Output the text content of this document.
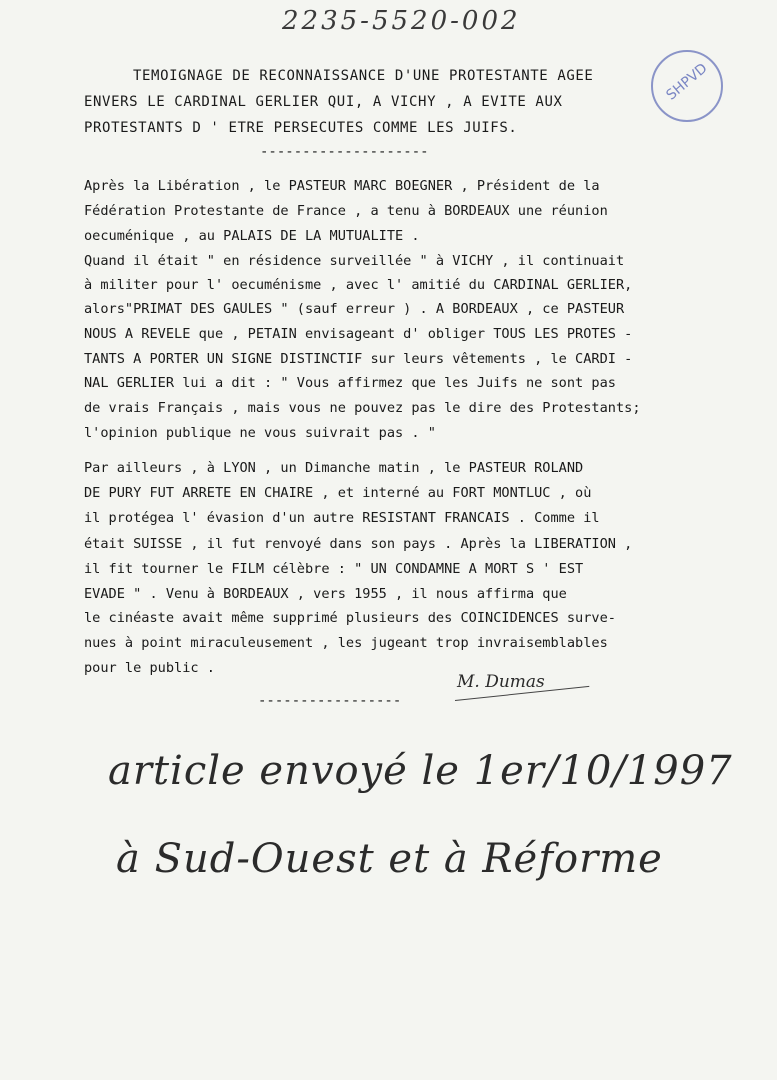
2235-5520-002
SHPVD
TEMOIGNAGE DE RECONNAISSANCE D'UNE PROTESTANTE AGEE
ENVERS LE CARDINAL GERLIER QUI, A VICHY , A EVITE AUX
PROTESTANTS D ' ETRE PERSECUTES COMME LES JUIFS.
--------------------
Après la Libération , le PASTEUR MARC BOEGNER , Président de la
Fédération Protestante de France , a tenu à BORDEAUX une réunion
oecuménique , au PALAIS DE LA MUTUALITE .
Quand il était " en résidence surveillée " à VICHY , il continuait
à militer pour l' oecuménisme , avec l' amitié du CARDINAL GERLIER,
alors"PRIMAT DES GAULES " (sauf erreur ) . A BORDEAUX , ce PASTEUR
NOUS A REVELE que , PETAIN envisageant d' obliger TOUS LES PROTES -
TANTS A PORTER UN SIGNE DISTINCTIF sur leurs vêtements , le CARDI -
NAL GERLIER lui a dit : " Vous affirmez que les Juifs ne sont pas
de vrais Français , mais vous ne pouvez pas le dire des Protestants;
l'opinion publique ne vous suivrait pas . "
Par ailleurs , à LYON , un Dimanche matin , le PASTEUR ROLAND
DE PURY FUT ARRETE EN CHAIRE , et interné au FORT MONTLUC , où
il protégea l' évasion d'un autre RESISTANT FRANCAIS . Comme il
était SUISSE , il fut renvoyé dans son pays . Après la LIBERATION ,
il fit tourner le FILM célèbre : " UN CONDAMNE A MORT S ' EST
EVADE " . Venu à BORDEAUX , vers 1955 , il nous affirma que
le cinéaste avait même supprimé plusieurs des COINCIDENCES surve-
nues à point miraculeusement , les jugeant trop invraisemblables
pour le public .
M. Dumas
-----------------
article envoyé le 1er/10/1997
à Sud-Ouest et à Réforme
